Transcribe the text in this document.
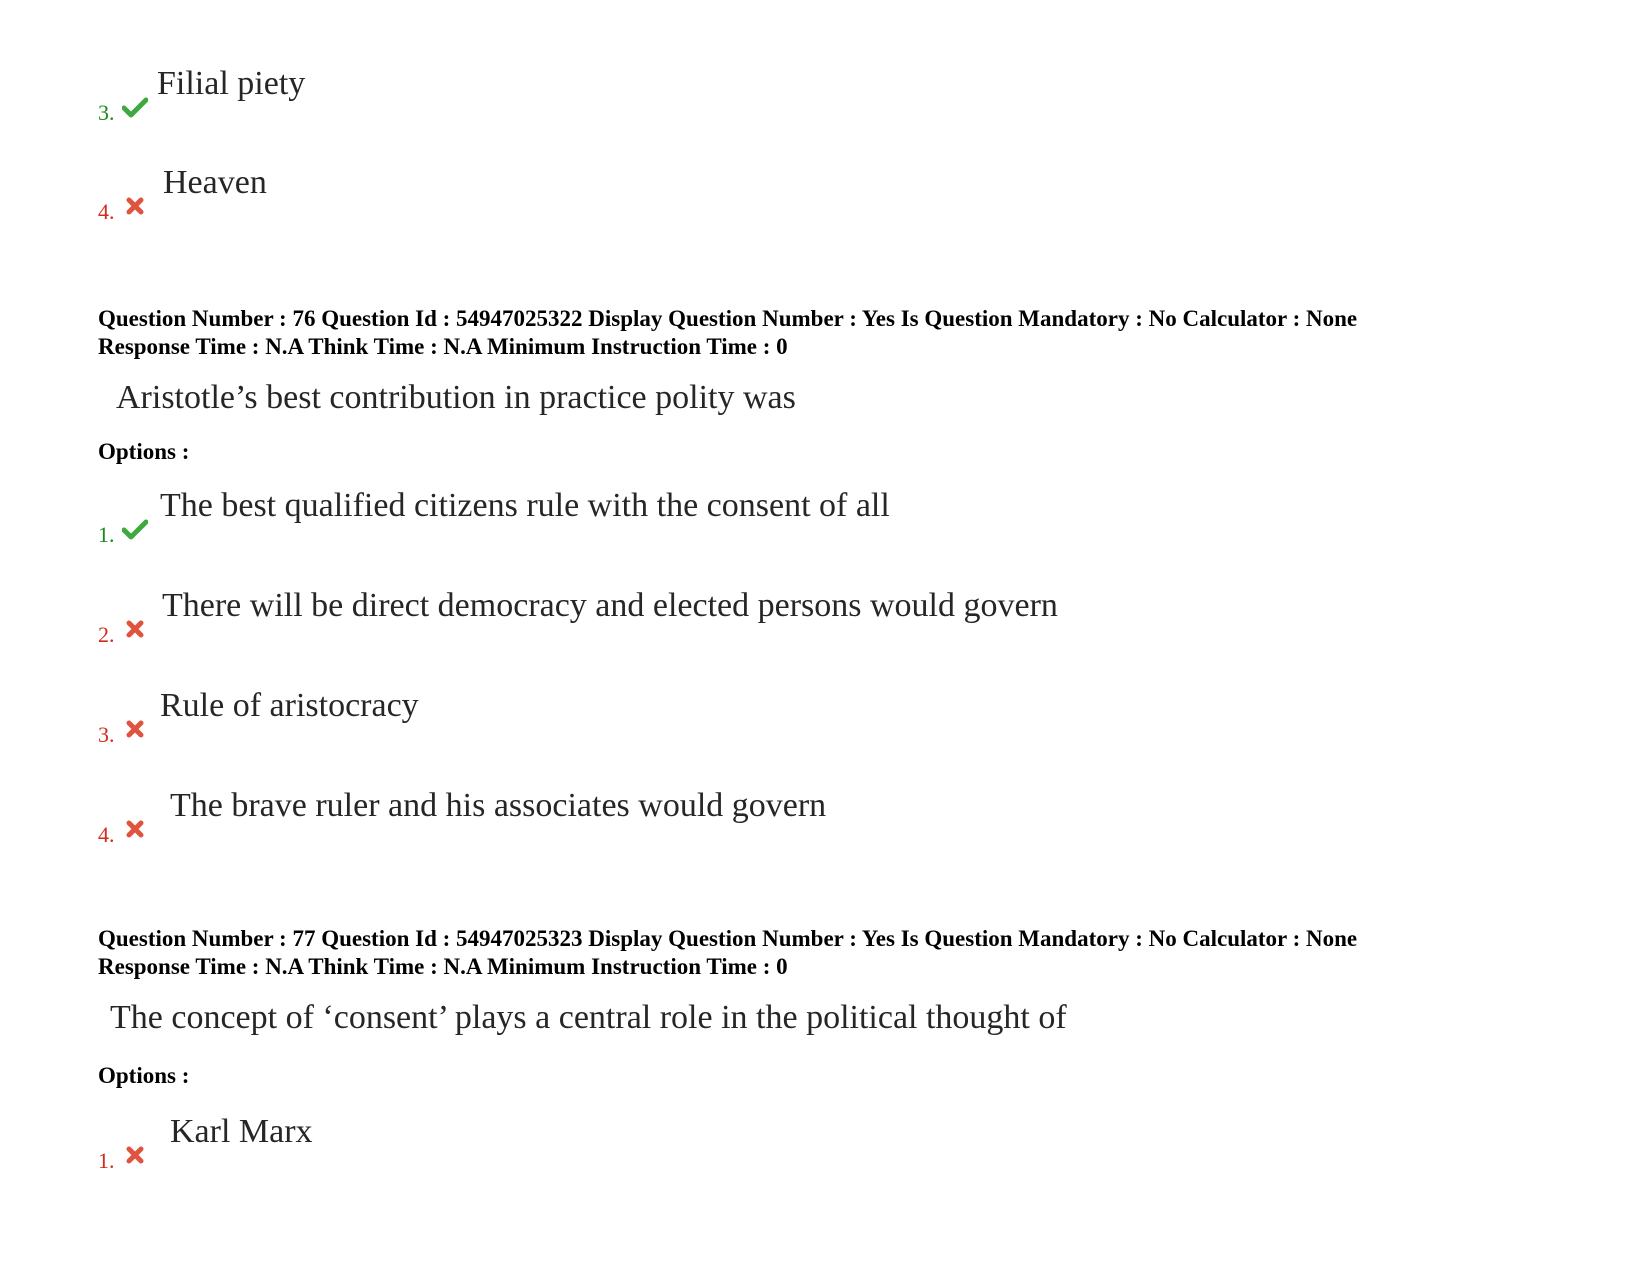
3.
Filial piety
4.
Heaven
Question Number : 76 Question Id : 54947025322 Display Question Number : Yes Is Question Mandatory : No Calculator : None
Response Time : N.A Think Time : N.A Minimum Instruction Time : 0
Aristotle’s best contribution in practice polity was
Options :
1.
The best qualified citizens rule with the consent of all
2.
There will be direct democracy and elected persons would govern
3.
Rule of aristocracy
4.
The brave ruler and his associates would govern
Question Number : 77 Question Id : 54947025323 Display Question Number : Yes Is Question Mandatory : No Calculator : None
Response Time : N.A Think Time : N.A Minimum Instruction Time : 0
The concept of ‘consent’ plays a central role in the political thought of
Options :
1.
Karl Marx
